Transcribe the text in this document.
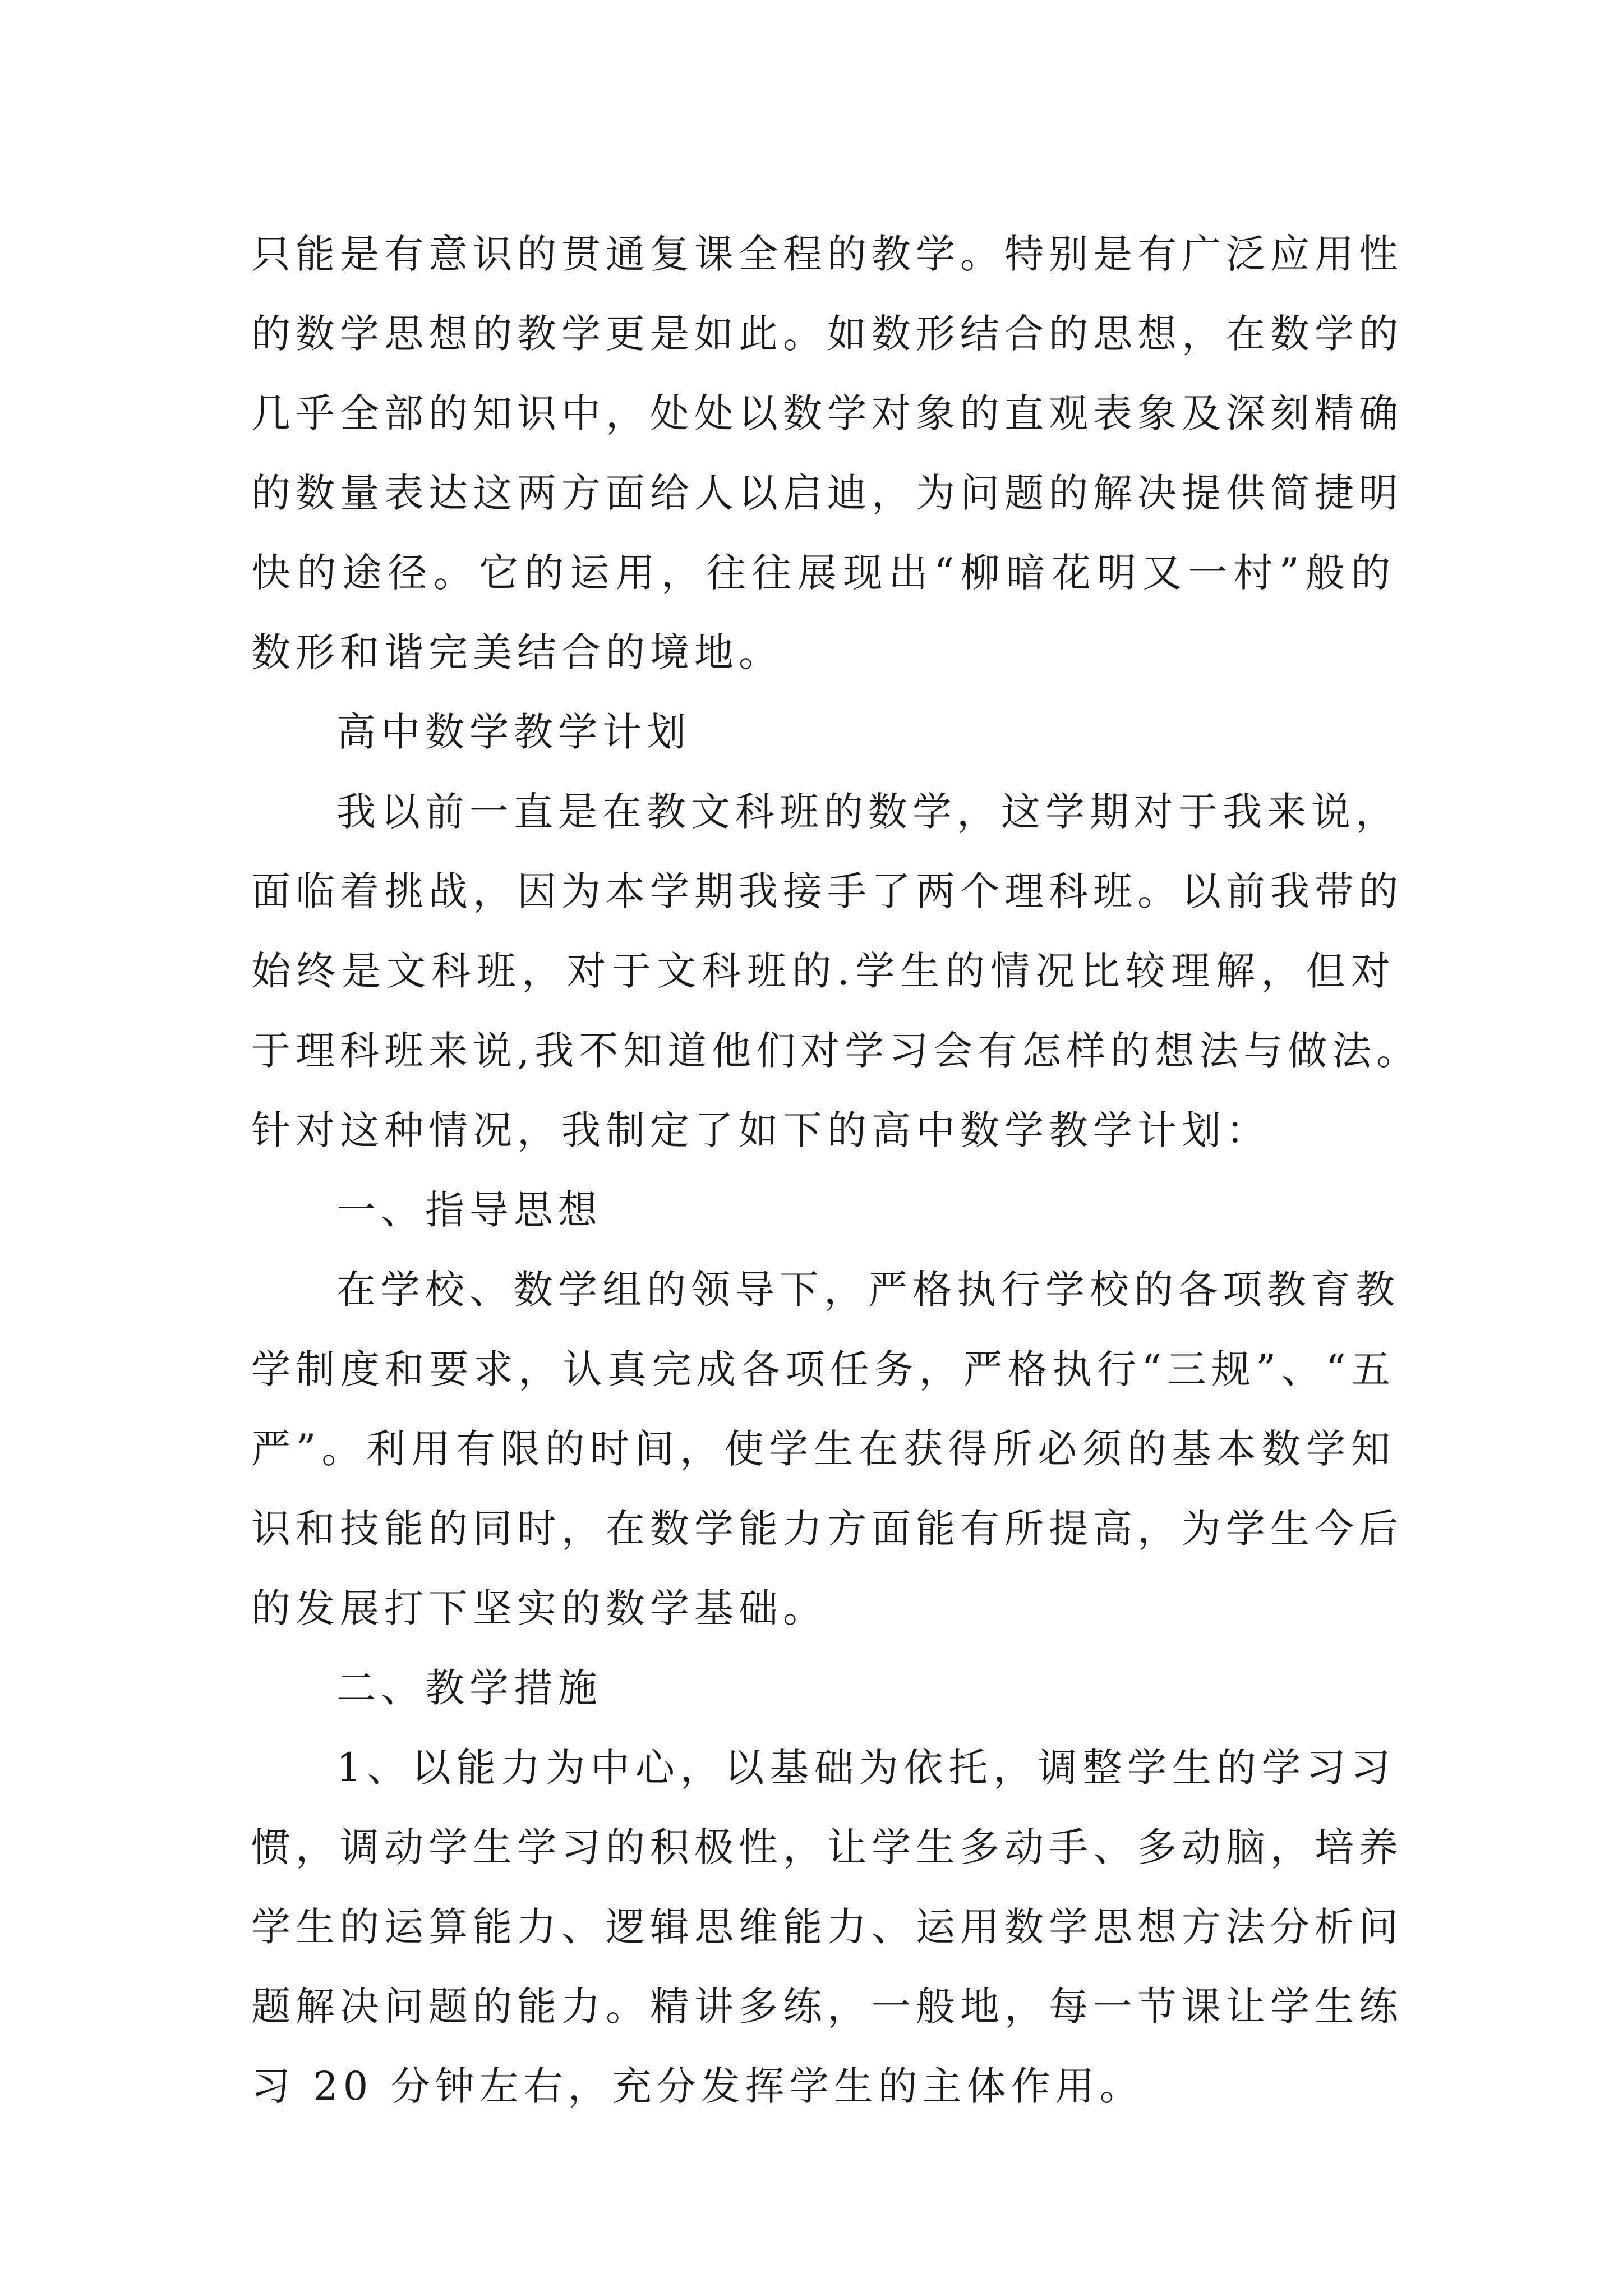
只能是有意识的贯通复课全程的教学。特别是有广泛应用性
的数学思想的教学更是如此。如数形结合的思想，在数学的
几乎全部的知识中，处处以数学对象的直观表象及深刻精确
的数量表达这两方面给人以启迪，为问题的解决提供简捷明
快的途径。它的运用，往往展现出“柳暗花明又一村”般的
数形和谐完美结合的境地。
高中数学教学计划
我以前一直是在教文科班的数学，这学期对于我来说，
面临着挑战，因为本学期我接手了两个理科班。以前我带的
始终是文科班，对于文科班的.学生的情况比较理解，但对
于理科班来说,我不知道他们对学习会有怎样的想法与做法。
针对这种情况，我制定了如下的高中数学教学计划：
一、指导思想
在学校、数学组的领导下，严格执行学校的各项教育教
学制度和要求，认真完成各项任务，严格执行“三规”、“五
严”。利用有限的时间，使学生在获得所必须的基本数学知
识和技能的同时，在数学能力方面能有所提高，为学生今后
的发展打下坚实的数学基础。
二、教学措施
1、以能力为中心，以基础为依托，调整学生的学习习
惯，调动学生学习的积极性，让学生多动手、多动脑，培养
学生的运算能力、逻辑思维能力、运用数学思想方法分析问
题解决问题的能力。精讲多练，一般地，每一节课让学生练
习 20 分钟左右，充分发挥学生的主体作用。
